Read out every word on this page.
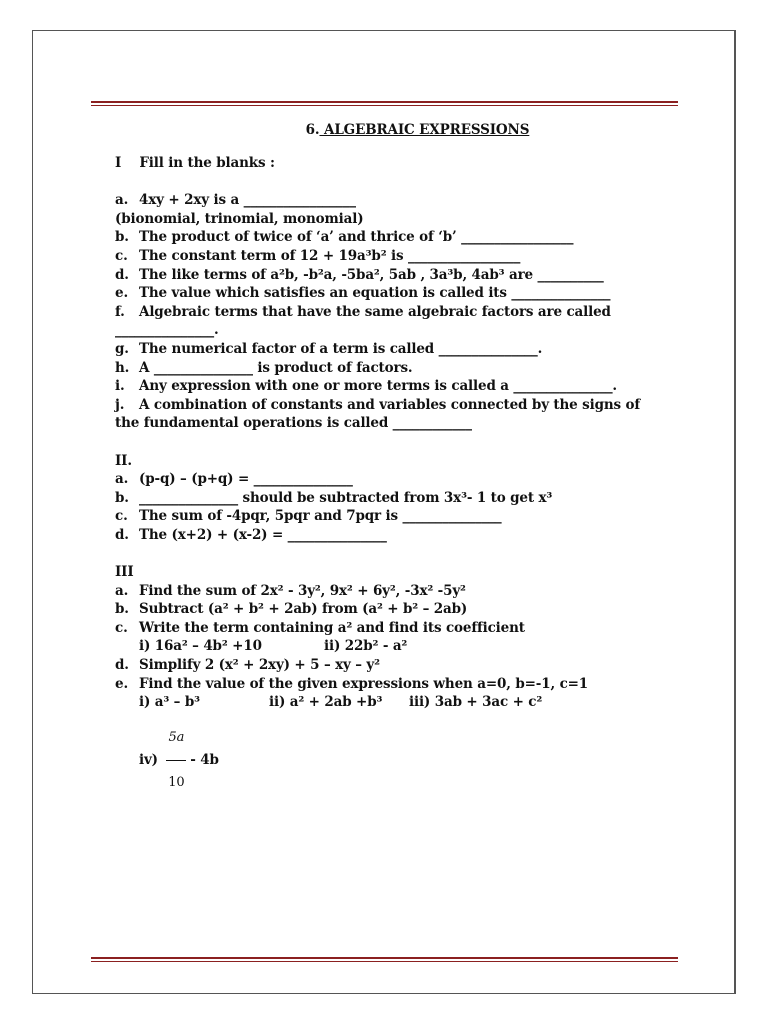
6. ALGEBRAIC EXPRESSIONS
I    Fill in the blanks :
a. 4xy + 2xy is a _________________
(bionomial, trinomial, monomial)
b. The product of twice of ‘a’ and thrice of ‘b’ _________________
c. The constant term of 12 + 19a³b² is _________________
d. The like terms of a²b, -b²a, -5ba², 5ab , 3a³b, 4ab³ are __________
e. The value which satisfies an equation is called its _______________
f. Algebraic terms that have the same algebraic factors are called
_______________.
g. The numerical factor of a term is called _______________.
h. A _______________ is product of factors.
i. Any expression with one or more terms is called a _______________.
j. A combination of constants and variables connected by the signs of
the fundamental operations is called ____________
II.
a. (p-q) – (p+q) = _______________
b. _______________ should be subtracted from 3x³- 1 to get x³
c. The sum of -4pqr, 5pqr and 7pqr is _______________
d. The (x+2) + (x-2) = _______________
III
a. Find the sum of 2x² - 3y², 9x² + 6y², -3x² -5y²
b. Subtract (a² + b² + 2ab) from (a² + b² – 2ab)
c. Write the term containing a² and find its coefficient
i) 16a² – 4b² +10	ii) 22b² - a²
d. Simplify 2 (x² + 2xy) + 5 – xy – y²
e. Find the value of the given expressions when a=0, b=-1, c=1
i) a³ – b³	ii) a² + 2ab +b³ iii) 3ab + 3ac + c²
$iv) \frac{5a}{10} - 4b$
